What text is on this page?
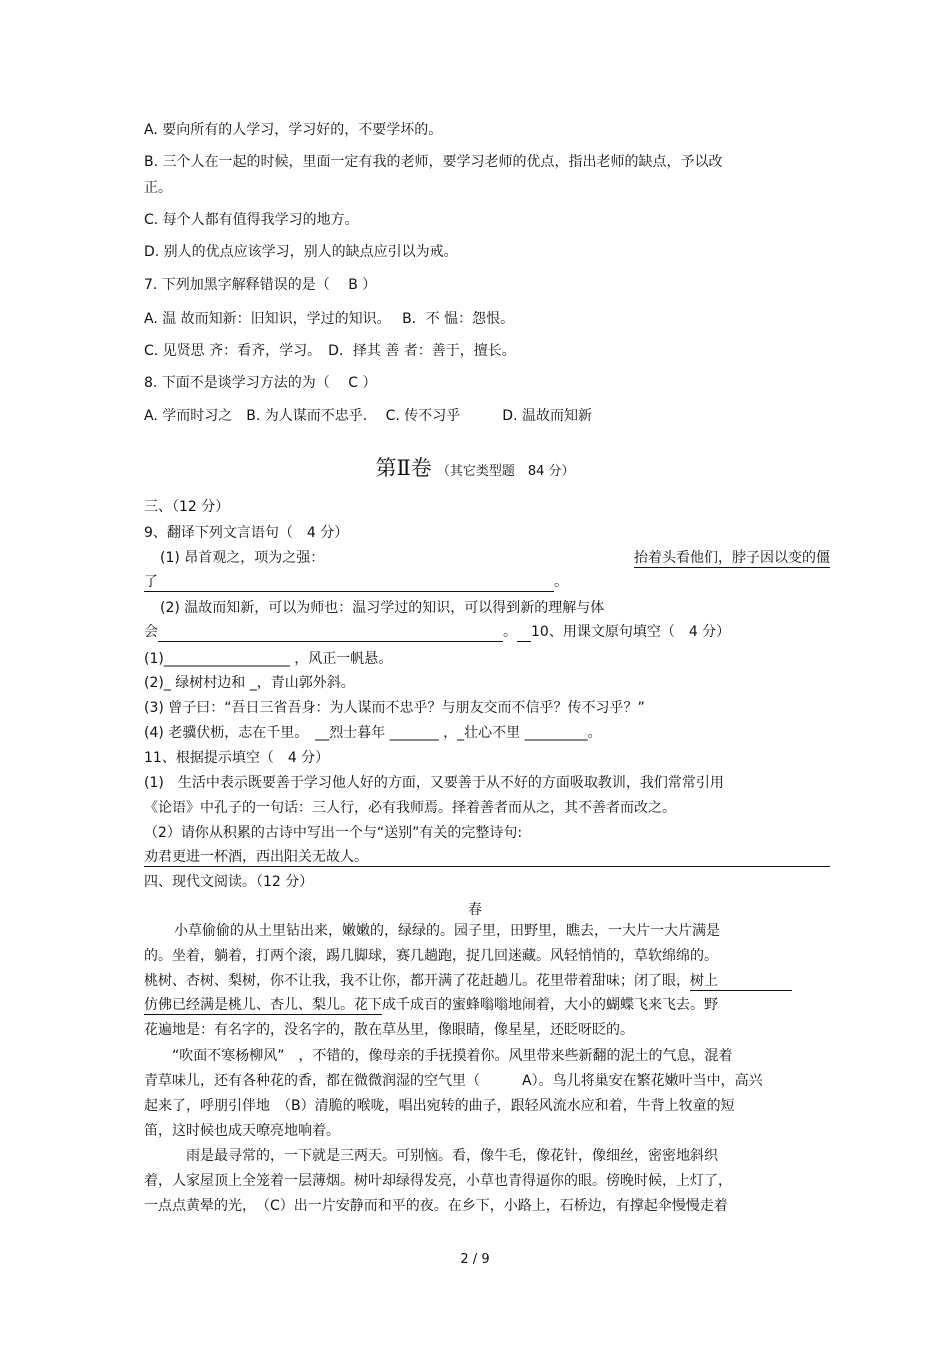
A. 要向所有的人学习，学习好的，不要学坏的。
B. 三个人在一起的时候，里面一定有我的老师，要学习老师的优点，指出老师的缺点，予以改
正。
C. 每个人都有值得我学习的地方。
D. 别人的优点应该学习，别人的缺点应引以为戒。
7. 下列加黑字解释错误的是（　 B ）
A. 温 故而知新：旧知识，学过的知识。　 B．不 愠：怨恨。
C. 见贤思 齐：看齐，学习。　D．择其 善 者：善于，擅长。
8. 下面不是谈学习方法的为（　 C ）
A. 学而时习之　B. 为人谋而不忠乎.　 C. 传不习乎　　　D. 温故而知新
第Ⅱ卷 （其它类型题　84 分）
三、（12 分）
9、翻译下列文言语句（　4 分）
(1) 昂首观之，项为之强：	抬着头看他们，脖子因以变的僵
了	。
(2) 温故而知新，可以为师也：温习学过的知识，可以得到新的理解与体
会	。 10、用课文原句填空（　4 分）
(1)__________________ ，风正一帆悬。
(2)_ 绿树村边和 _，青山郭外斜。
(3) 曾子曰：“吾日三省吾身：为人谋而不忠乎？与朋友交而不信乎？传不习乎？”
(4) 老骥伏枥，志在千里。　__烈士暮年 _______ ，_壮心不里 _________。
11、根据提示填空（　4 分）
(1)　生活中表示既要善于学习他人好的方面，又要善于从不好的方面吸取教训，我们常常引用
《论语》中孔子的一句话：三人行，必有我师焉。择着善者而从之，其不善者而改之。
（2）请你从积累的古诗中写出一个与“送别”有关的完整诗句:
劝君更进一杯酒，西出阳关无故人。
四、现代文阅读。（12 分）
春
小草偷偷的从土里钻出来，嫩嫩的，绿绿的。园子里，田野里，瞧去，一大片一大片满是
的。坐着，躺着，打两个滚，踢几脚球，赛几趟跑，捉几回迷藏。风轻悄悄的，草软绵绵的。
桃树、杏树、梨树，你不让我，我不让你，都开满了花赶趟儿。花里带着甜味；闭了眼，树上
仿佛已经满是桃儿、杏儿、梨儿。花下成千成百的蜜蜂嗡嗡地闹着，大小的蝴蝶飞来飞去。野
花遍地是：有名字的，没名字的，散在草丛里，像眼睛，像星星，还眨呀眨的。
“吹面不寒杨柳风”　，不错的，像母亲的手抚摸着你。风里带来些新翻的泥土的气息，混着
青草味儿，还有各种花的香，都在微微润湿的空气里（　　　A）。鸟儿将巢安在繁花嫩叶当中，高兴
起来了，呼朋引伴地　（B）清脆的喉咙，唱出宛转的曲子，跟轻风流水应和着，牛背上牧童的短
笛，这时候也成天嘹亮地响着。
雨是最寻常的，一下就是三两天。可别恼。看，像牛毛，像花针，像细丝，密密地斜织
着，人家屋顶上全笼着一层薄烟。树叶却绿得发亮，小草也青得逼你的眼。傍晚时候，上灯了，
一点点黄晕的光，　（C）出一片安静而和平的夜。在乡下，小路上，石桥边，有撑起伞慢慢走着
2 / 9
